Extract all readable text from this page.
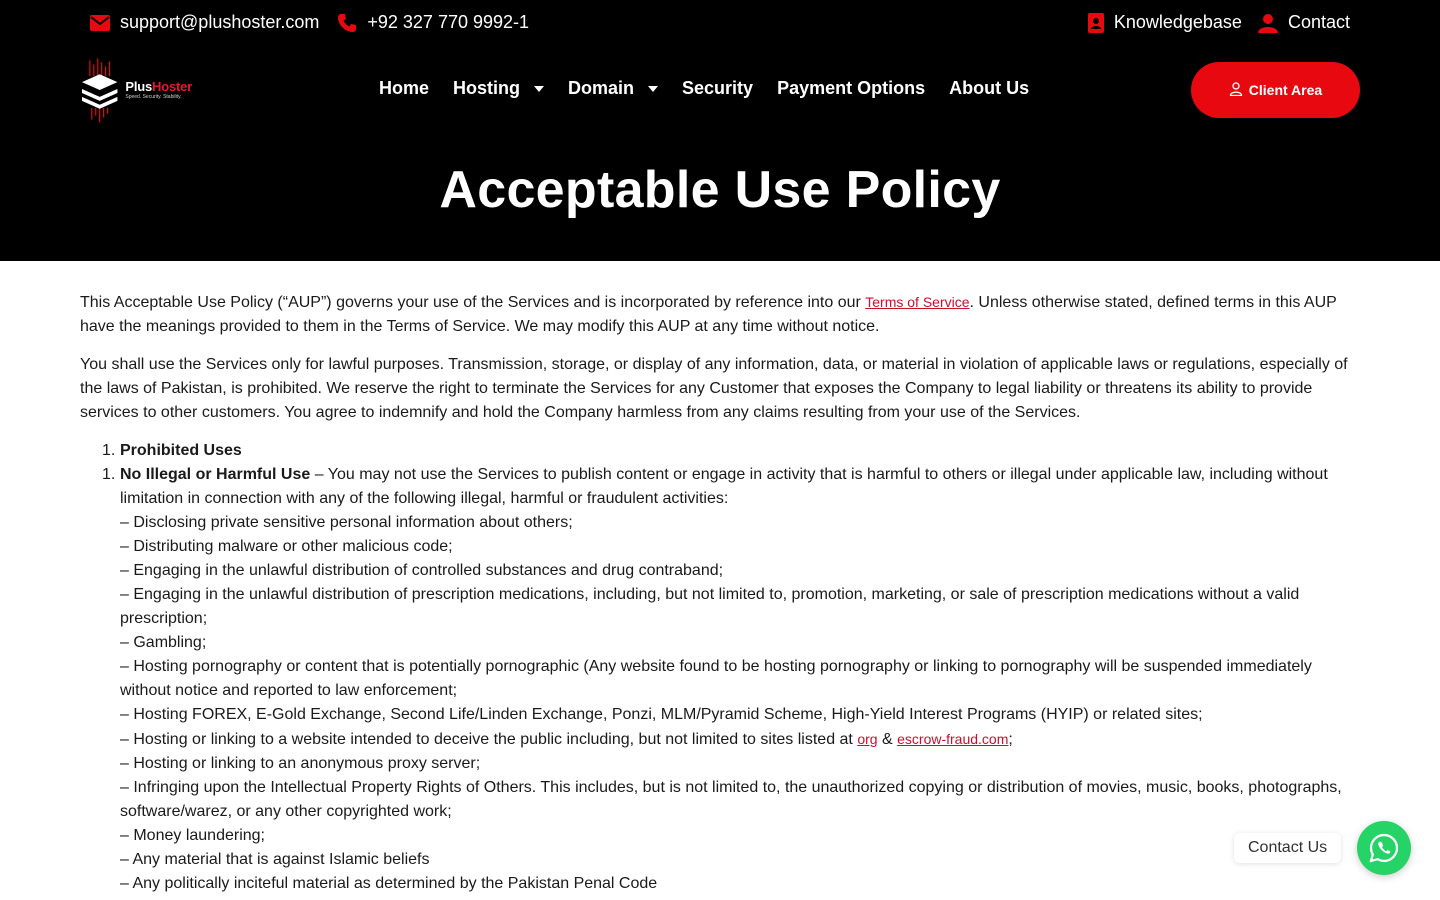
support@plushoster.com	+92 327 770 9992-1	Knowledgebase	Contact
PlusHoster
Speed. Security. Stability.	Home Hosting	Domain	Security Payment Options About Us	Client Area
Acceptable Use Policy

This Acceptable Use Policy (“AUP”) governs your use of the Services and is incorporated by reference into our Terms of Service. Unless otherwise stated, defined terms in this AUP have the meanings provided to them in the Terms of Service. We may modify this AUP at any time without notice.

You shall use the Services only for lawful purposes. Transmission, storage, or display of any information, data, or material in violation of applicable laws or regulations, especially of the laws of Pakistan, is prohibited. We reserve the right to terminate the Services for any Customer that exposes the Company to legal liability or threatens its ability to provide services to other customers. You agree to indemnify and hold the Company harmless from any claims resulting from your use of the Services.

1. Prohibited Uses
1. No Illegal or Harmful Use – You may not use the Services to publish content or engage in activity that is harmful to others or illegal under applicable law, including without limitation in connection with any of the following illegal, harmful or fraudulent activities:
– Disclosing private sensitive personal information about others;
– Distributing malware or other malicious code;
– Engaging in the unlawful distribution of controlled substances and drug contraband;
– Engaging in the unlawful distribution of prescription medications, including, but not limited to, promotion, marketing, or sale of prescription medications without a valid prescription;
– Gambling;
– Hosting pornography or content that is potentially pornographic (Any website found to be hosting pornography or linking to pornography will be suspended immediately without notice and reported to law enforcement;
– Hosting FOREX, E-Gold Exchange, Second Life/Linden Exchange, Ponzi, MLM/Pyramid Scheme, High-Yield Interest Programs (HYIP) or related sites;
– Hosting or linking to a website intended to deceive the public including, but not limited to sites listed at org & escrow-fraud.com;
– Hosting or linking to an anonymous proxy server;
– Infringing upon the Intellectual Property Rights of Others. This includes, but is not limited to, the unauthorized copying or distribution of movies, music, books, photographs, software/warez, or any other copyrighted work;
– Money laundering;
– Any material that is against Islamic beliefs
– Any politically inciteful material as determined by the Pakistan Penal Code
Contact Us
